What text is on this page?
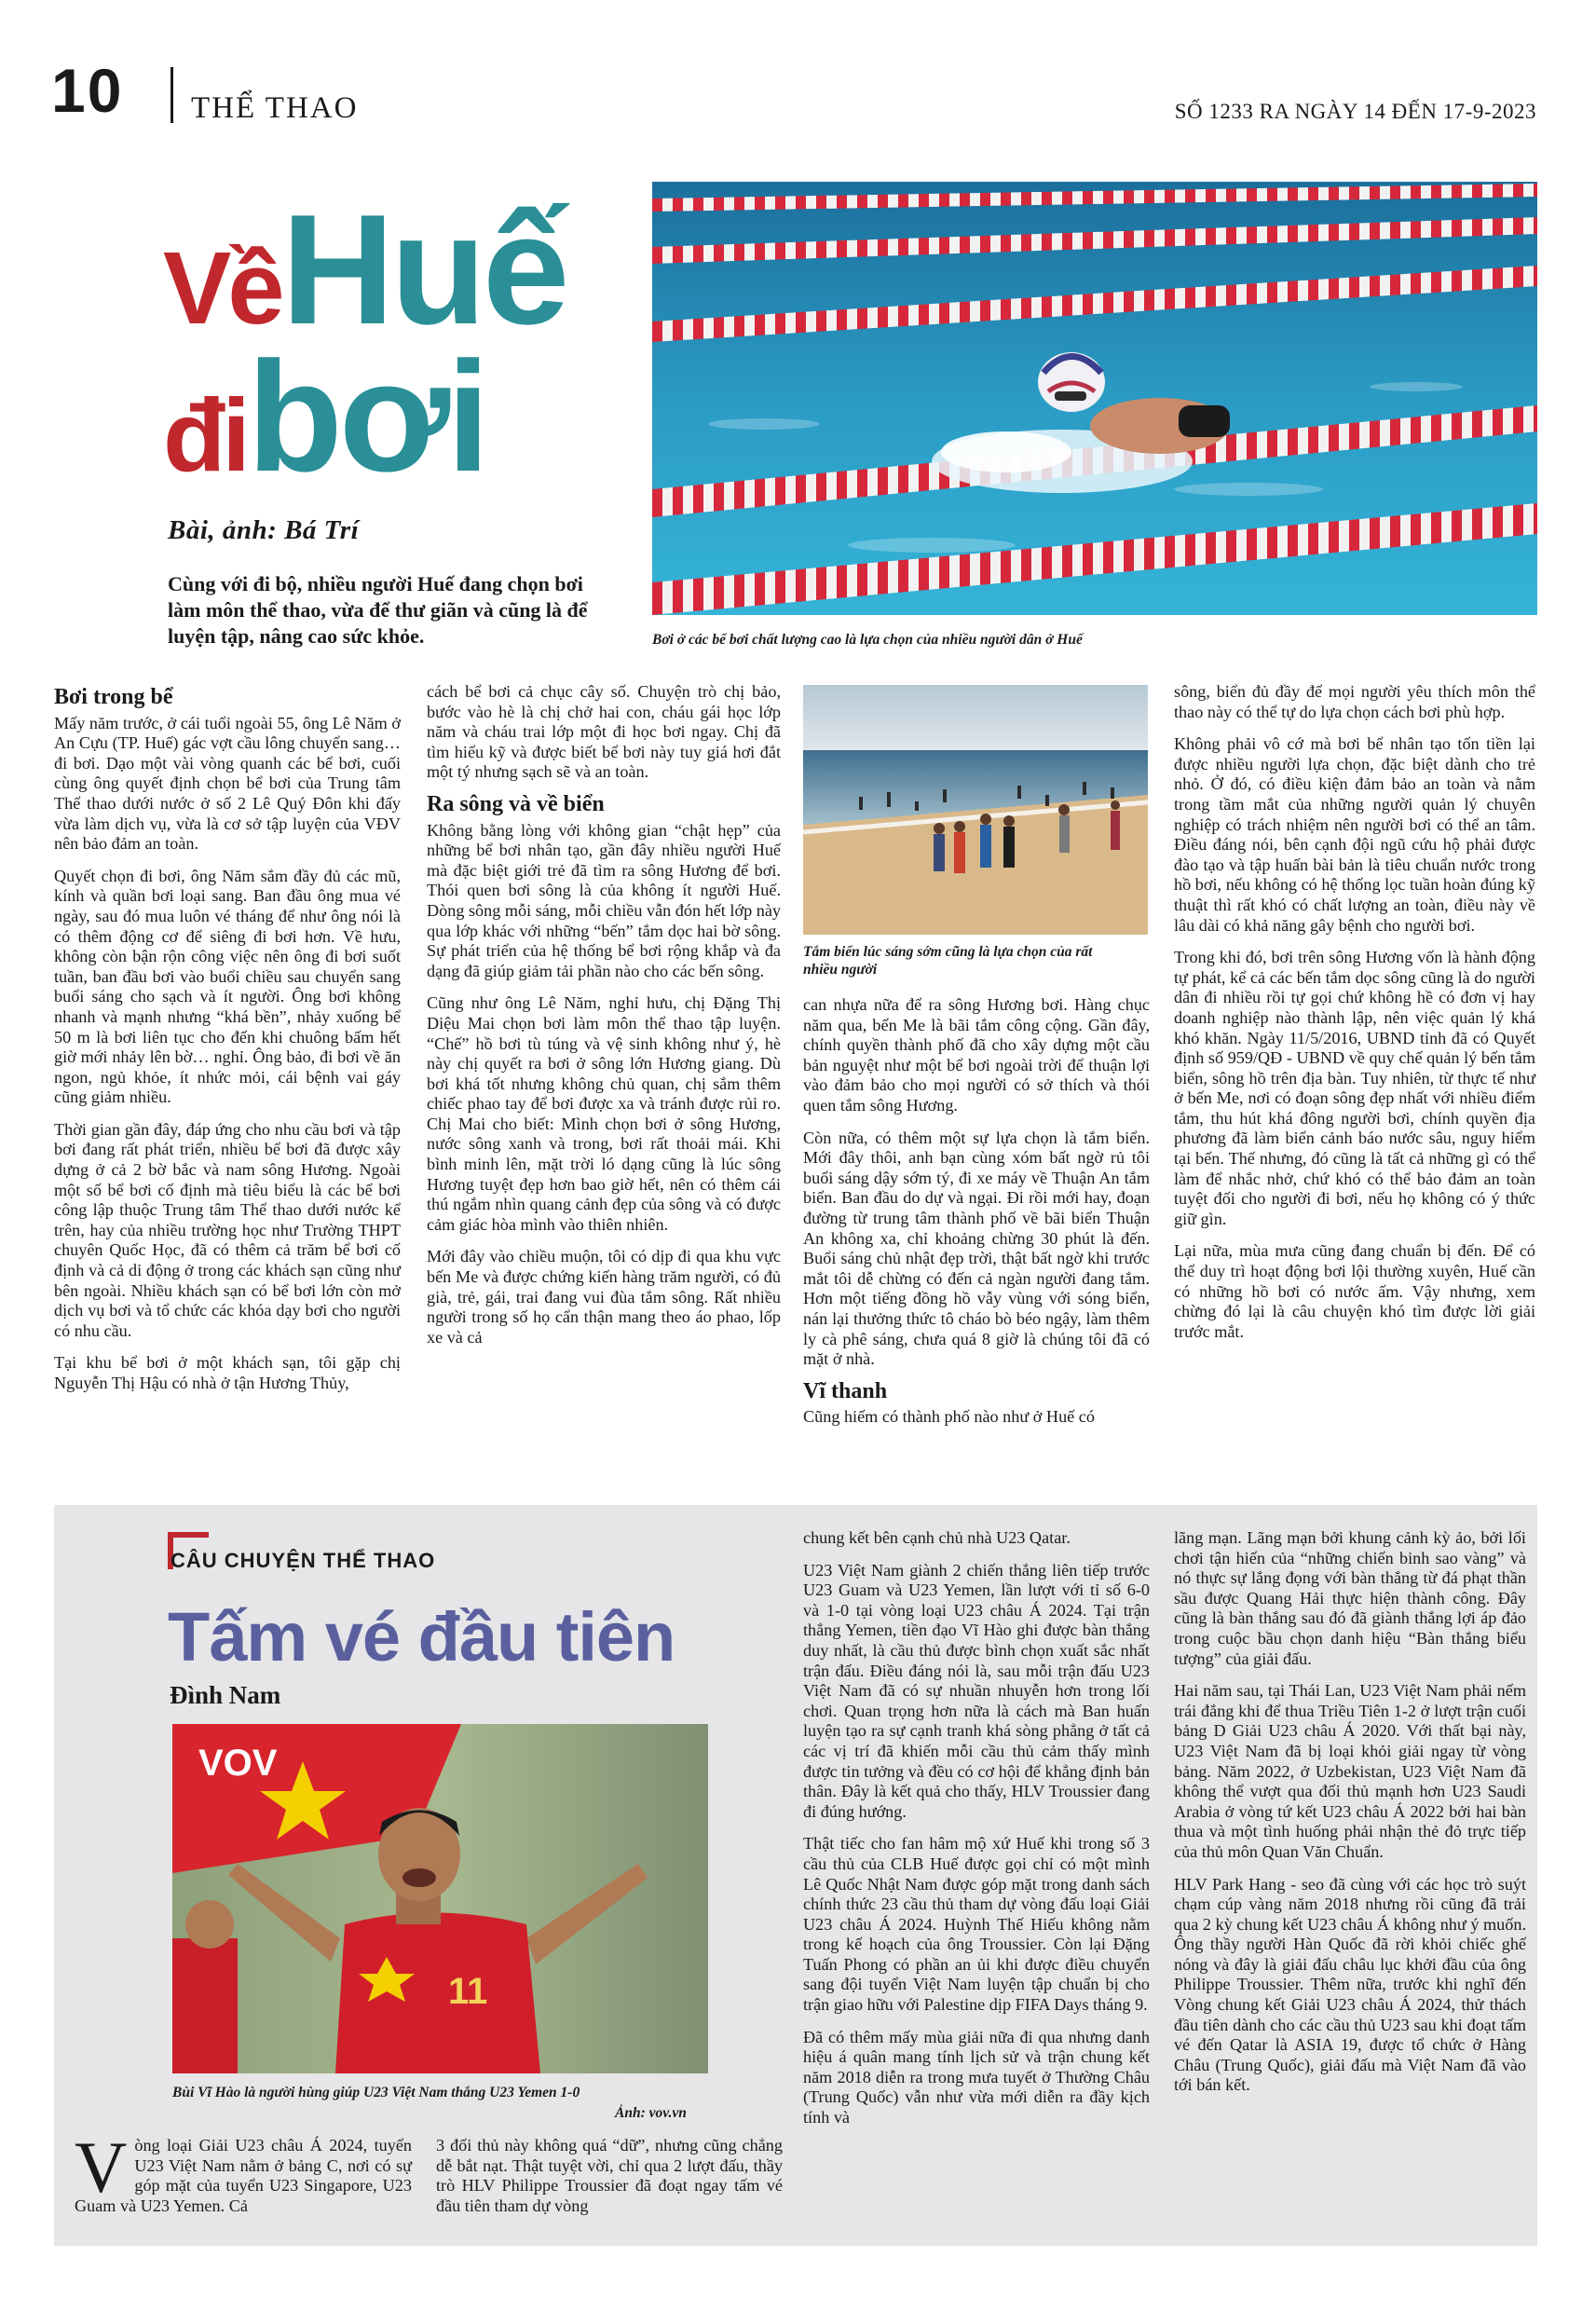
10 THỂ THAO	SỐ 1233 RA NGÀY 14 ĐẾN 17-9-2023
Về Huế
đi bơi
Bài, ảnh: Bá Trí
Cùng với đi bộ, nhiều người Huế đang chọn bơi làm môn thể thao, vừa để thư giãn và cũng là để luyện tập, nâng cao sức khỏe.	Bơi ở các bể bơi chất lượng cao là lựa chọn của nhiều người dân ở Huế
Bơi trong bể

Mấy năm trước, ở cái tuổi ngoài 55, ông Lê Năm ở An Cựu (TP. Huế) gác vợt cầu lông chuyển sang… đi bơi. Dạo một vài vòng quanh các bể bơi, cuối cùng ông quyết định chọn bể bơi của Trung tâm Thể thao dưới nước ở số 2 Lê Quý Đôn khi đấy vừa làm dịch vụ, vừa là cơ sở tập luyện của VĐV nên bảo đảm an toàn.

Quyết chọn đi bơi, ông Năm sắm đầy đủ các mũ, kính và quần bơi loại sang. Ban đầu ông mua vé ngày, sau đó mua luôn vé tháng để như ông nói là có thêm động cơ để siêng đi bơi hơn. Về hưu, không còn bận rộn công việc nên ông đi bơi suốt tuần, ban đầu bơi vào buổi chiều sau chuyển sang buổi sáng cho sạch và ít người. Ông bơi không nhanh và mạnh nhưng “khá bền”, nhảy xuống bể 50 m là bơi liên tục cho đến khi chuông bấm hết giờ mới nhảy lên bờ… nghỉ. Ông bảo, đi bơi về ăn ngon, ngủ khỏe, ít nhức mỏi, cái bệnh vai gáy cũng giảm nhiều.

Thời gian gần đây, đáp ứng cho nhu cầu bơi và tập bơi đang rất phát triển, nhiều bể bơi đã được xây dựng ở cả 2 bờ bắc và nam sông Hương. Ngoài một số bể bơi cố định mà tiêu biểu là các bể bơi công lập thuộc Trung tâm Thể thao dưới nước kể trên, hay của nhiều trường học như Trường THPT chuyên Quốc Học, đã có thêm cả trăm bể bơi cố định và cả di động ở trong các khách sạn cũng như bên ngoài. Nhiều khách sạn có bể bơi lớn còn mở dịch vụ bơi và tổ chức các khóa dạy bơi cho người có nhu cầu.

Tại khu bể bơi ở một khách sạn, tôi gặp chị Nguyễn Thị Hậu có nhà ở tận Hương Thủy,

cách bể bơi cả chục cây số. Chuyện trò chị bảo, bước vào hè là chị chở hai con, cháu gái học lớp năm và cháu trai lớp một đi học bơi ngay. Chị đã tìm hiểu kỹ và được biết bể bơi này tuy giá hơi đắt một tý nhưng sạch sẽ và an toàn.

Ra sông và về biển

Không bằng lòng với không gian “chật hẹp” của những bể bơi nhân tạo, gần đây nhiều người Huế mà đặc biệt giới trẻ đã tìm ra sông Hương để bơi. Thói quen bơi sông là của không ít người Huế. Dòng sông mỗi sáng, mỗi chiều vẫn đón hết lớp này qua lớp khác với những “bến” tắm dọc hai bờ sông. Sự phát triển của hệ thống bể bơi rộng khắp và đa dạng đã giúp giảm tải phần nào cho các bến sông.

Cũng như ông Lê Năm, nghỉ hưu, chị Đặng Thị Diệu Mai chọn bơi làm môn thể thao tập luyện. “Chế” hồ bơi tù túng và vệ sinh không như ý, hè này chị quyết ra bơi ở sông lớn Hương giang. Dù bơi khá tốt nhưng không chủ quan, chị sắm thêm chiếc phao tay để bơi được xa và tránh được rủi ro. Chị Mai cho biết: Mình chọn bơi ở sông Hương, nước sông xanh và trong, bơi rất thoải mái. Khi bình minh lên, mặt trời ló dạng cũng là lúc sông Hương tuyệt đẹp hơn bao giờ hết, nên có thêm cái thú ngắm nhìn quang cảnh đẹp của sông và có được cảm giác hòa mình vào thiên nhiên.

Mới đây vào chiều muộn, tôi có dịp đi qua khu vực bến Me và được chứng kiến hàng trăm người, có đủ già, trẻ, gái, trai đang vui đùa tắm sông. Rất nhiều người trong số họ cẩn thận mang theo áo phao, lốp xe và cả

Tắm biển lúc sáng sớm cũng là lựa chọn của rất nhiều người

can nhựa nữa để ra sông Hương bơi. Hàng chục năm qua, bến Me là bãi tắm công cộng. Gần đây, chính quyền thành phố đã cho xây dựng một cầu bản nguyệt như một bể bơi ngoài trời để thuận lợi vào đảm bảo cho mọi người có sở thích và thói quen tắm sông Hương.

Còn nữa, có thêm một sự lựa chọn là tắm biển. Mới đây thôi, anh bạn cùng xóm bất ngờ rủ tôi buổi sáng dậy sớm tý, đi xe máy về Thuận An tắm biển. Ban đầu do dự và ngại. Đi rồi mới hay, đoạn đường từ trung tâm thành phố về bãi biển Thuận An không xa, chỉ khoảng chừng 30 phút là đến. Buổi sáng chủ nhật đẹp trời, thật bất ngờ khi trước mắt tôi dễ chừng có đến cả ngàn người đang tắm. Hơn một tiếng đồng hồ vẫy vùng với sóng biển, nán lại thưởng thức tô cháo bò béo ngậy, làm thêm ly cà phê sáng, chưa quá 8 giờ là chúng tôi đã có mặt ở nhà.

Vĩ thanh

Cũng hiếm có thành phố nào như ở Huế có

sông, biển đủ đầy để mọi người yêu thích môn thể thao này có thể tự do lựa chọn cách bơi phù hợp.

Không phải vô cớ mà bơi bể nhân tạo tốn tiền lại được nhiều người lựa chọn, đặc biệt dành cho trẻ nhỏ. Ở đó, có điều kiện đảm bảo an toàn và nằm trong tầm mắt của những người quản lý chuyên nghiệp có trách nhiệm nên người bơi có thể an tâm. Điều đáng nói, bên cạnh đội ngũ cứu hộ phải được đào tạo và tập huấn bài bản là tiêu chuẩn nước trong hồ bơi, nếu không có hệ thống lọc tuần hoàn đúng kỹ thuật thì rất khó có chất lượng an toàn, điều này về lâu dài có khả năng gây bệnh cho người bơi.

Trong khi đó, bơi trên sông Hương vốn là hành động tự phát, kể cả các bến tắm dọc sông cũng là do người dân đi nhiều rồi tự gọi chứ không hề có đơn vị hay doanh nghiệp nào thành lập, nên việc quản lý khá khó khăn. Ngày 11/5/2016, UBND tỉnh đã có Quyết định số 959/QĐ - UBND về quy chế quản lý bến tắm biển, sông hồ trên địa bàn. Tuy nhiên, từ thực tế như ở bến Me, nơi có đoạn sông đẹp nhất với nhiều điểm tắm, thu hút khá đông người bơi, chính quyền địa phương đã làm biển cảnh báo nước sâu, nguy hiểm tại bến. Thế nhưng, đó cũng là tất cả những gì có thể làm để nhắc nhở, chứ khó có thể bảo đảm an toàn tuyệt đối cho người đi bơi, nếu họ không có ý thức giữ gìn.

Lại nữa, mùa mưa cũng đang chuẩn bị đến. Để có thể duy trì hoạt động bơi lội thường xuyên, Huế cần có những hồ bơi có nước ấm. Vậy nhưng, xem chừng đó lại là câu chuyện khó tìm được lời giải trước mắt.

CÂU CHUYỆN THỂ THAO
Tấm vé đầu tiên
Đình Nam
VOV
11
Bùi Vĩ Hào là người hùng giúp U23 Việt Nam thắng U23 Yemen 1-0
Ảnh: vov.vn
Vòng loại Giải U23 châu Á 2024, tuyển U23 Việt Nam nằm ở bảng C, nơi có sự góp mặt của tuyển U23 Singapore, U23 Guam và U23 Yemen. Cả

3 đối thủ này không quá “dữ”, nhưng cũng chẳng dễ bắt nạt. Thật tuyệt vời, chỉ qua 2 lượt đấu, thầy trò HLV Philippe Troussier đã đoạt ngay tấm vé đầu tiên tham dự vòng

chung kết bên cạnh chủ nhà U23 Qatar.

U23 Việt Nam giành 2 chiến thắng liên tiếp trước U23 Guam và U23 Yemen, lần lượt với tỉ số 6-0 và 1-0 tại vòng loại U23 châu Á 2024. Tại trận thắng Yemen, tiền đạo Vĩ Hào ghi được bàn thắng duy nhất, là cầu thủ được bình chọn xuất sắc nhất trận đấu. Điều đáng nói là, sau mỗi trận đấu U23 Việt Nam đã có sự nhuần nhuyễn hơn trong lối chơi. Quan trọng hơn nữa là cách mà Ban huấn luyện tạo ra sự cạnh tranh khá sòng phẳng ở tất cả các vị trí đã khiến mỗi cầu thủ cảm thấy mình được tin tưởng và đều có cơ hội để khẳng định bản thân. Đây là kết quả cho thấy, HLV Troussier đang đi đúng hướng.

Thật tiếc cho fan hâm mộ xứ Huế khi trong số 3 cầu thủ của CLB Huế được gọi chỉ có một mình Lê Quốc Nhật Nam được góp mặt trong danh sách chính thức 23 cầu thủ tham dự vòng đấu loại Giải U23 châu Á 2024. Huỳnh Thế Hiếu không nằm trong kế hoạch của ông Troussier. Còn lại Đặng Tuấn Phong có phần an ủi khi được điều chuyển sang đội tuyển Việt Nam luyện tập chuẩn bị cho trận giao hữu với Palestine dịp FIFA Days tháng 9.

Đã có thêm mấy mùa giải nữa đi qua nhưng danh hiệu á quân mang tính lịch sử và trận chung kết năm 2018 diễn ra trong mưa tuyết ở Thường Châu (Trung Quốc) vẫn như vừa mới diễn ra đầy kịch tính và

lãng mạn. Lãng mạn bởi khung cảnh kỳ ảo, bởi lối chơi tận hiến của “những chiến binh sao vàng” và nó thực sự lắng đọng với bàn thắng từ đá phạt thần sầu được Quang Hải thực hiện thành công. Đây cũng là bàn thắng sau đó đã giành thắng lợi áp đảo trong cuộc bầu chọn danh hiệu “Bàn thắng biểu tượng” của giải đấu.

Hai năm sau, tại Thái Lan, U23 Việt Nam phải nếm trái đắng khi để thua Triều Tiên 1-2 ở lượt trận cuối bảng D Giải U23 châu Á 2020. Với thất bại này, U23 Việt Nam đã bị loại khỏi giải ngay từ vòng bảng. Năm 2022, ở Uzbekistan, U23 Việt Nam đã không thể vượt qua đối thủ mạnh hơn U23 Saudi Arabia ở vòng tứ kết U23 châu Á 2022 bởi hai bàn thua và một tình huống phải nhận thẻ đỏ trực tiếp của thủ môn Quan Văn Chuẩn.

HLV Park Hang - seo đã cùng với các học trò suýt chạm cúp vàng năm 2018 nhưng rồi cũng đã trải qua 2 kỳ chung kết U23 châu Á không như ý muốn. Ông thầy người Hàn Quốc đã rời khỏi chiếc ghế nóng và đây là giải đấu châu lục khởi đầu của ông Philippe Troussier. Thêm nữa, trước khi nghĩ đến Vòng chung kết Giải U23 châu Á 2024, thử thách đầu tiên dành cho các cầu thủ U23 sau khi đoạt tấm vé đến Qatar là ASIA 19, được tổ chức ở Hàng Châu (Trung Quốc), giải đấu mà Việt Nam đã vào tới bán kết.
